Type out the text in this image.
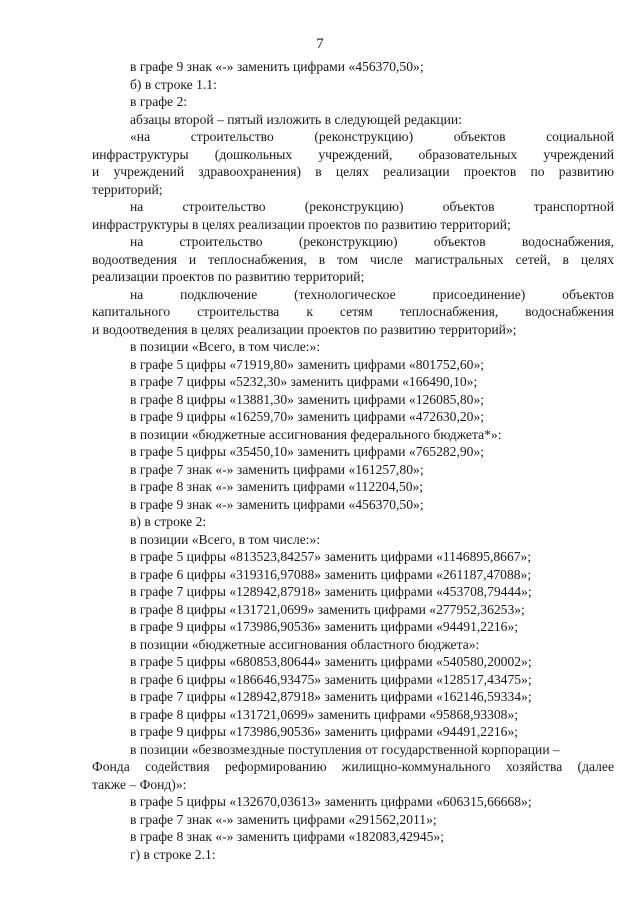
7
в графе 9 знак «-» заменить цифрами «456370,50»;
б) в строке 1.1:
в графе 2:
абзацы второй – пятый изложить в следующей редакции:
«на строительство (реконструкцию) объектов социальной
инфраструктуры (дошкольных учреждений, образовательных учреждений
и учреждений здравоохранения) в целях реализации проектов по развитию
территорий;
на строительство (реконструкцию) объектов транспортной
инфраструктуры в целях реализации проектов по развитию территорий;
на строительство (реконструкцию) объектов водоснабжения,
водоотведения и теплоснабжения, в том числе магистральных сетей, в целях
реализации проектов по развитию территорий;
на подключение (технологическое присоединение) объектов
капитального строительства к сетям теплоснабжения, водоснабжения
и водоотведения в целях реализации проектов по развитию территорий»;
в позиции «Всего, в том числе:»:
в графе 5 цифры «71919,80» заменить цифрами «801752,60»;
в графе 7 цифры «5232,30» заменить цифрами «166490,10»;
в графе 8 цифры «13881,30» заменить цифрами «126085,80»;
в графе 9 цифры «16259,70» заменить цифрами «472630,20»;
в позиции «бюджетные ассигнования федерального бюджета*»:
в графе 5 цифры «35450,10» заменить цифрами «765282,90»;
в графе 7 знак «-» заменить цифрами «161257,80»;
в графе 8 знак «-» заменить цифрами «112204,50»;
в графе 9 знак «-» заменить цифрами «456370,50»;
в) в строке 2:
в позиции «Всего, в том числе:»:
в графе 5 цифры «813523,84257» заменить цифрами «1146895,8667»;
в графе 6 цифры «319316,97088» заменить цифрами «261187,47088»;
в графе 7 цифры «128942,87918» заменить цифрами «453708,79444»;
в графе 8 цифры «131721,0699» заменить цифрами «277952,36253»;
в графе 9 цифры «173986,90536» заменить цифрами «94491,2216»;
в позиции «бюджетные ассигнования областного бюджета»:
в графе 5 цифры «680853,80644» заменить цифрами «540580,20002»;
в графе 6 цифры «186646,93475» заменить цифрами «128517,43475»;
в графе 7 цифры «128942,87918» заменить цифрами «162146,59334»;
в графе 8 цифры «131721,0699» заменить цифрами «95868,93308»;
в графе 9 цифры «173986,90536» заменить цифрами «94491,2216»;
в позиции «безвозмездные поступления от государственной корпорации –
Фонда содействия реформированию жилищно-коммунального хозяйства (далее
также – Фонд)»:
в графе 5 цифры «132670,03613» заменить цифрами «606315,66668»;
в графе 7 знак «-» заменить цифрами «291562,2011»;
в графе 8 знак «-» заменить цифрами «182083,42945»;
г) в строке 2.1:
